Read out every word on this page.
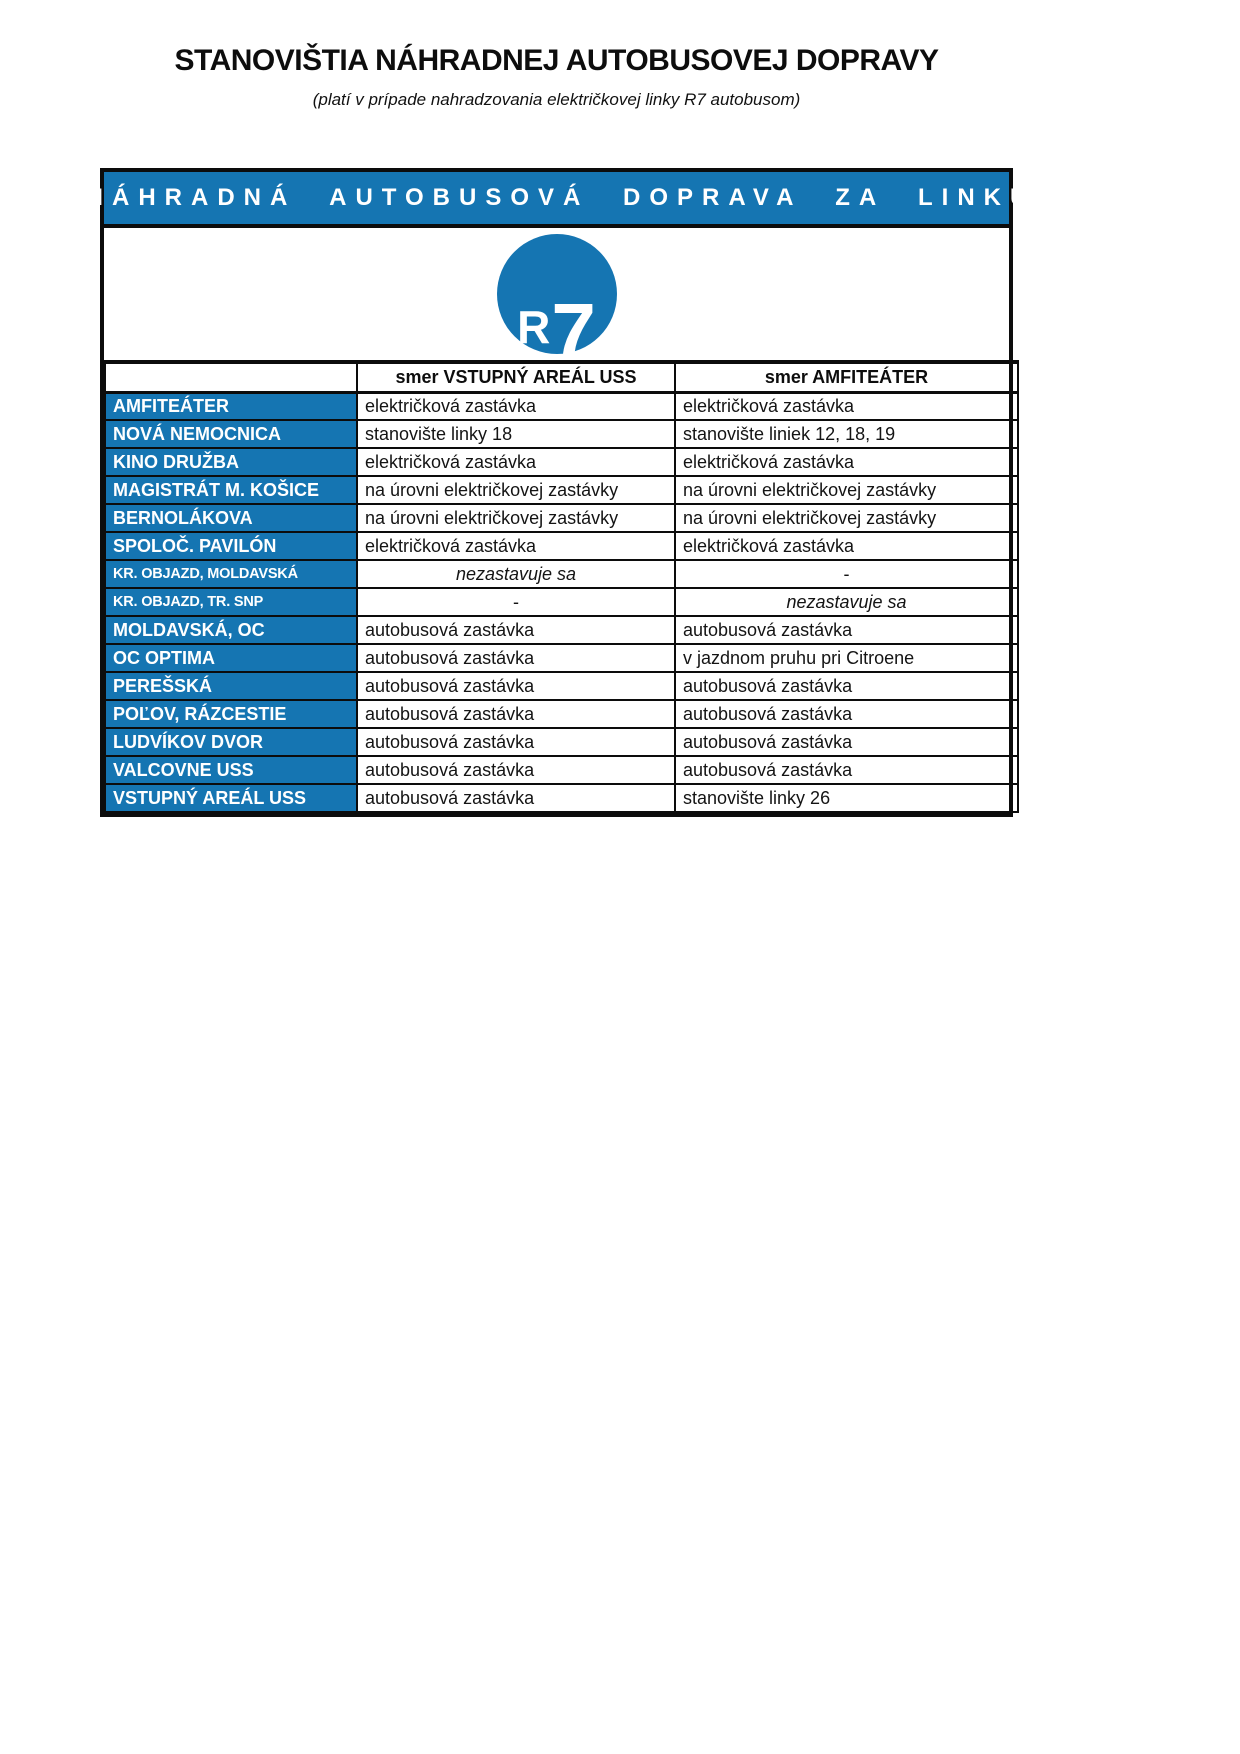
STANOVIŠTIA NÁHRADNEJ AUTOBUSOVEJ DOPRAVY
(platí v prípade nahradzovania električkovej linky R7 autobusom)
NÁHRADNÁ AUTOBUSOVÁ DOPRAVA ZA LINKU
R 7
	smer VSTUPNÝ AREÁL USS	smer AMFITEÁTER
AMFITEÁTER	električková zastávka	električková zastávka
NOVÁ NEMOCNICA	stanovište linky 18	stanovište liniek 12, 18, 19
KINO DRUŽBA	električková zastávka	električková zastávka
MAGISTRÁT M. KOŠICE	na úrovni električkovej zastávky	na úrovni električkovej zastávky
BERNOLÁKOVA	na úrovni električkovej zastávky	na úrovni električkovej zastávky
SPOLOČ. PAVILÓN	električková zastávka	električková zastávka
KR. OBJAZD, MOLDAVSKÁ	nezastavuje sa	-
KR. OBJAZD, TR. SNP	-	nezastavuje sa
MOLDAVSKÁ, OC	autobusová zastávka	autobusová zastávka
OC OPTIMA	autobusová zastávka	v jazdnom pruhu pri Citroene
PEREŠSKÁ	autobusová zastávka	autobusová zastávka
POĽOV, RÁZCESTIE	autobusová zastávka	autobusová zastávka
LUDVÍKOV DVOR	autobusová zastávka	autobusová zastávka
VALCOVNE USS	autobusová zastávka	autobusová zastávka
VSTUPNÝ AREÁL USS	autobusová zastávka	stanovište linky 26
